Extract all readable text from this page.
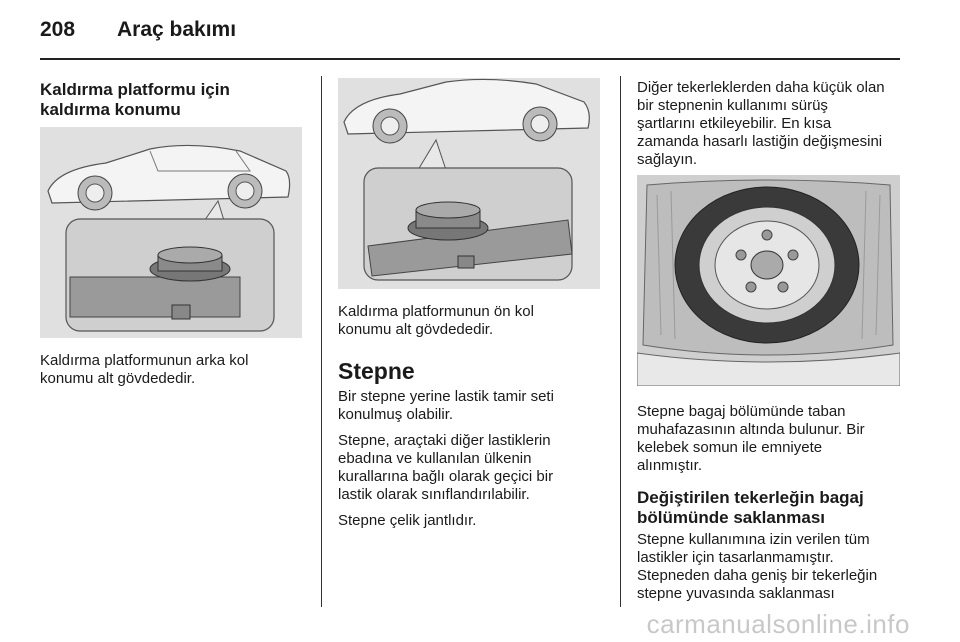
208 Araç bakımı
Kaldırma platformu için
kaldırma konumu
Kaldırma platformunun arka kol
konumu alt gövdededir.
Kaldırma platformunun ön kol
konumu alt gövdededir.
Stepne
Bir stepne yerine lastik tamir seti
konulmuş olabilir.
Stepne, araçtaki diğer lastiklerin
ebadına ve kullanılan ülkenin
kurallarına bağlı olarak geçici bir
lastik olarak sınıflandırılabilir.
Stepne çelik jantlıdır.
Diğer tekerleklerden daha küçük olan
bir stepnenin kullanımı sürüş
şartlarını etkileyebilir. En kısa
zamanda hasarlı lastiğin değişmesini
sağlayın.
Stepne bagaj bölümünde taban
muhafazasının altında bulunur. Bir
kelebek somun ile emniyete
alınmıştır.
Değiştirilen tekerleğin bagaj
bölümünde saklanması
Stepne kullanımına izin verilen tüm
lastikler için tasarlanmamıştır.
Stepneden daha geniş bir tekerleğin
stepne yuvasında saklanması
carmanualsonline.info
